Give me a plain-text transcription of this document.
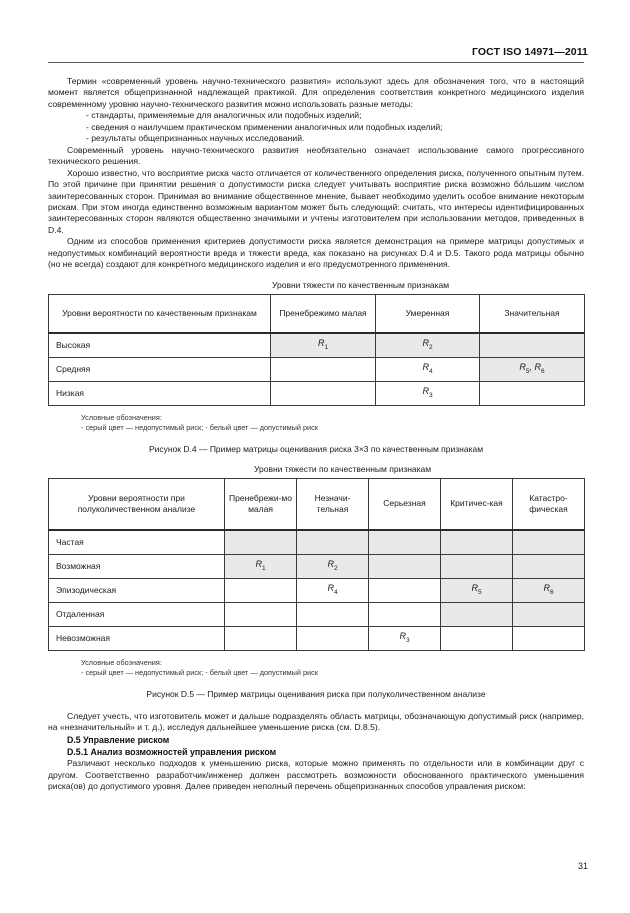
ГОСТ ISO 14971—2011

Термин «современный уровень научно-технического развития» используют здесь для обозначения того, что в настоящий момент является общепризнанной надлежащей практикой. Для определения соответствия конкретного медицинского изделия современному уровню научно-технического развития можно использовать разные методы:

- стандарты, применяемые для аналогичных или подобных изделий;
- сведения о наилучшем практическом применении аналогичных или подобных изделий;
- результаты общепризнанных научных исследований.

Современный уровень научно-технического развития необязательно означает использование самого прогрессивного технического решения.

Хорошо известно, что восприятие риска часто отличается от количественного определения риска, полученного опытным путем. По этой причине при принятии решения о допустимости риска следует учитывать восприятие риска возможно бо́льшим числом заинтересованных сторон. Принимая во внимание общественное мнение, бывает необходимо уделить особое внимание некоторым рискам. При этом иногда единственно возможным вариантом может быть следующий: считать, что интересы идентифицированных заинтересованных сторон являются общественно значимыми и учтены изготовителем при использовании методов, приведенных в D.4.

Одним из способов применения критериев допустимости риска является демонстрация на примере матрицы допустимых и недопустимых комбинаций вероятности вреда и тяжести вреда, как показано на рисунках D.4 и D.5. Такого рода матрицы обычно (но не всегда) создают для конкретного медицинского изделия и его предусмотренного применения.

Уровни тяжести по качественным признакам
Уровни вероятности по качественным признакам	Пренебрежимо малая	Умеренная	Значительная
Высокая	$R_1$	$R_2$	
Средняя		$R_4$	$R_5$, $R_6$
Низкая		$R_3$	
Условные обозначения:
- серый цвет — недопустимый риск; - белый цвет — допустимый риск
Рисунок D.4 — Пример матрицы оценивания риска 3×3 по качественным признакам
Уровни тяжести по качественным признакам
Уровни вероятности при полуколичественном анализе	Пренебрежи-мо малая	Незначи-тельная	Серьезная	Критичес-кая	Катастро-фическая
Частая					
Возможная	$R_1$	$R_2$			
Эпизодическая		$R_4$		$R_5$	$R_6$
Отдаленная					
Невозможная			$R_3$		
Условные обозначения:
- серый цвет — недопустимый риск; - белый цвет — допустимый риск
Рисунок D.5 — Пример матрицы оценивания риска при полуколичественном анализе

Следует учесть, что изготовитель может и дальше подразделять область матрицы, обозначающую допустимый риск (например, на «незначительный» и т. д.), исследуя дальнейшее уменьшение риска (см. D.8.5).

D.5 Управление риском
D.5.1 Анализ возможностей управления риском

Различают несколько подходов к уменьшению риска, которые можно применять по отдельности или в комбинации друг с другом. Соответственно разработчик/инженер должен рассмотреть возможности обоснованного практического уменьшения риска(ов) до допустимого уровня. Далее приведен неполный перечень общепризнанных способов управления риском:

31
